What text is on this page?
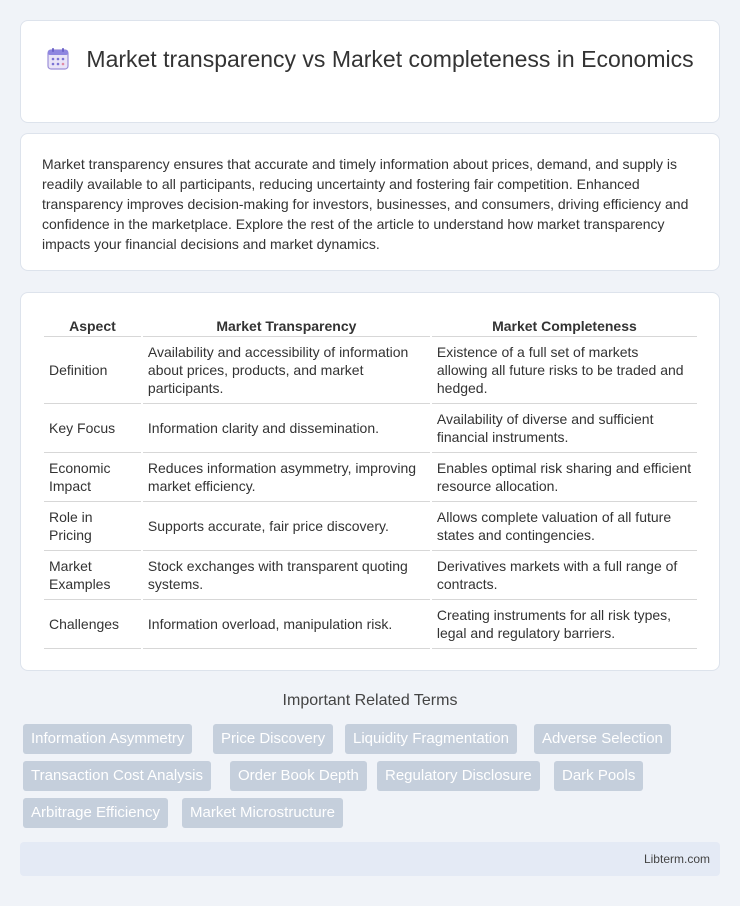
Market transparency vs Market completeness in Economics

Market transparency ensures that accurate and timely information about prices, demand, and supply is readily available to all participants, reducing uncertainty and fostering fair competition. Enhanced transparency improves decision-making for investors, businesses, and consumers, driving efficiency and confidence in the marketplace. Explore the rest of the article to understand how market transparency impacts your financial decisions and market dynamics.

Aspect	Market Transparency	Market Completeness
Definition	Availability and accessibility of information about prices, products, and market participants.	Existence of a full set of markets allowing all future risks to be traded and hedged.
Key Focus	Information clarity and dissemination.	Availability of diverse and sufficient financial instruments.
Economic Impact	Reduces information asymmetry, improving market efficiency.	Enables optimal risk sharing and efficient resource allocation.
Role in Pricing	Supports accurate, fair price discovery.	Allows complete valuation of all future states and contingencies.
Market Examples	Stock exchanges with transparent quoting systems.	Derivatives markets with a full range of contracts.
Challenges	Information overload, manipulation risk.	Creating instruments for all risk types, legal and regulatory barriers.
Important Related Terms
Information Asymmetry	Price Discovery	Liquidity Fragmentation	Adverse Selection
Transaction Cost Analysis	Order Book Depth	Regulatory Disclosure	Dark Pools
Arbitrage Efficiency	Market Microstructure
Libterm.com
